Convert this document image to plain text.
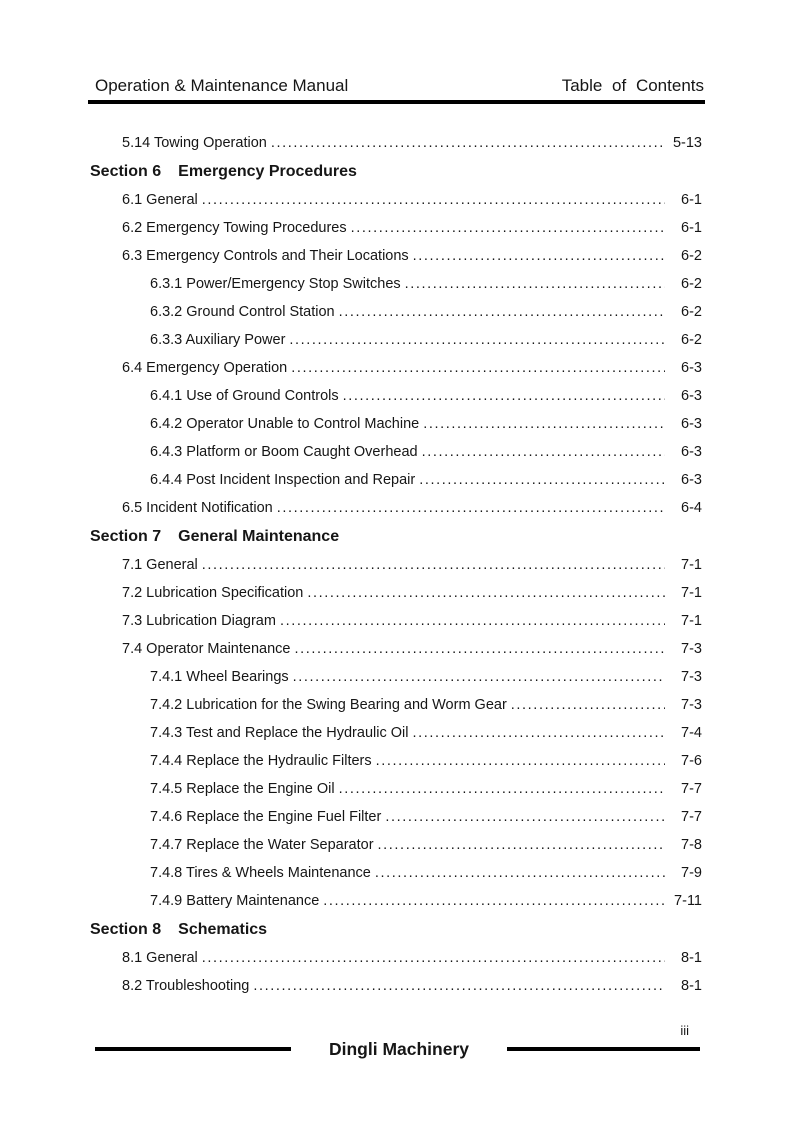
Operation & Maintenance Manual	Table of Contents
5.14 Towing Operation .....	5-13
Section 6 Emergency Procedures
6.1 General .....	6-1
6.2 Emergency Towing Procedures .....	6-1
6.3 Emergency Controls and Their Locations .....	6-2
6.3.1 Power/Emergency Stop Switches .....	6-2
6.3.2 Ground Control Station .....	6-2
6.3.3 Auxiliary Power .....	6-2
6.4 Emergency Operation .....	6-3
6.4.1 Use of Ground Controls .....	6-3
6.4.2 Operator Unable to Control Machine .....	6-3
6.4.3 Platform or Boom Caught Overhead .....	6-3
6.4.4 Post Incident Inspection and Repair .....	6-3
6.5 Incident Notification .....	6-4
Section 7 General Maintenance
7.1 General .....	7-1
7.2 Lubrication Specification .....	7-1
7.3 Lubrication Diagram .....	7-1
7.4 Operator Maintenance .....	7-3
7.4.1 Wheel Bearings .....	7-3
7.4.2 Lubrication for the Swing Bearing and Worm Gear .....	7-3
7.4.3 Test and Replace the Hydraulic Oil .....	7-4
7.4.4 Replace the Hydraulic Filters .....	7-6
7.4.5 Replace the Engine Oil .....	7-7
7.4.6 Replace the Engine Fuel Filter .....	7-7
7.4.7 Replace the Water Separator .....	7-8
7.4.8 Tires & Wheels Maintenance .....	7-9
7.4.9 Battery Maintenance .....	7-11
Section 8 Schematics
8.1 General .....	8-1
8.2 Troubleshooting .....	8-1
iii
Dingli Machinery
